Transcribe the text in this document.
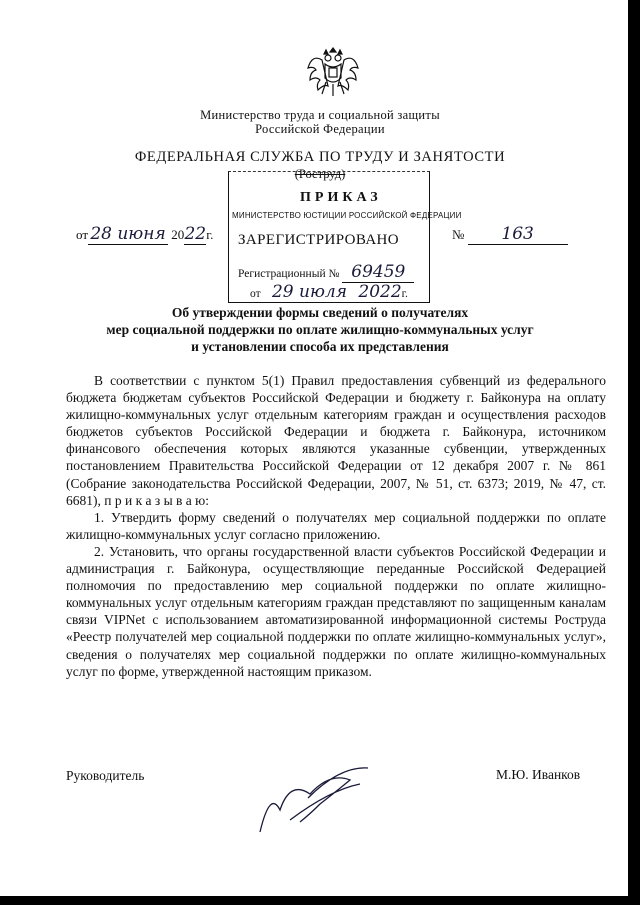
Министерство труда и социальной защиты
Российской Федерации
ФЕДЕРАЛЬНАЯ СЛУЖБА ПО ТРУДУ И ЗАНЯТОСТИ
(Роструд)
ПРИКАЗ
МИНИСТЕРСТВО ЮСТИЦИИ РОССИЙСКОЙ ФЕДЕРАЦИИ
ЗАРЕГИСТРИРОВАНО
Регистрационный № 69459
от 29 июля 2022г.
от 28 июня 2022г.	№ 163
Об утверждении формы сведений о получателях
мер социальной поддержки по оплате жилищно-коммунальных услуг
и установлении способа их представления

В соответствии с пунктом 5(1) Правил предоставления субвенций из федерального бюджета бюджетам субъектов Российской Федерации и бюджету г. Байконура на оплату жилищно-коммунальных услуг отдельным категориям граждан и осуществления расходов бюджетов субъектов Российской Федерации и бюджета г. Байконура, источником финансового обеспечения которых являются указанные субвенции, утвержденных постановлением Правительства Российской Федерации от 12 декабря 2007 г. № 861 (Собрание законодательства Российской Федерации, 2007, № 51, ст. 6373; 2019, № 47, ст. 6681), п р и к а з ы в а ю:

1. Утвердить форму сведений о получателях мер социальной поддержки по оплате жилищно-коммунальных услуг согласно приложению.

2. Установить, что органы государственной власти субъектов Российской Федерации и администрация г. Байконура, осуществляющие переданные Российской Федерацией полномочия по предоставлению мер социальной поддержки по оплате жилищно-коммунальных услуг отдельным категориям граждан представляют по защищенным каналам связи VIPNet с использованием автоматизированной информационной системы Роструда «Реестр получателей мер социальной поддержки по оплате жилищно-коммунальных услуг», сведения о получателях мер социальной поддержки по оплате жилищно-коммунальных услуг по форме, утвержденной настоящим приказом.

Руководитель	М.Ю. Иванков
